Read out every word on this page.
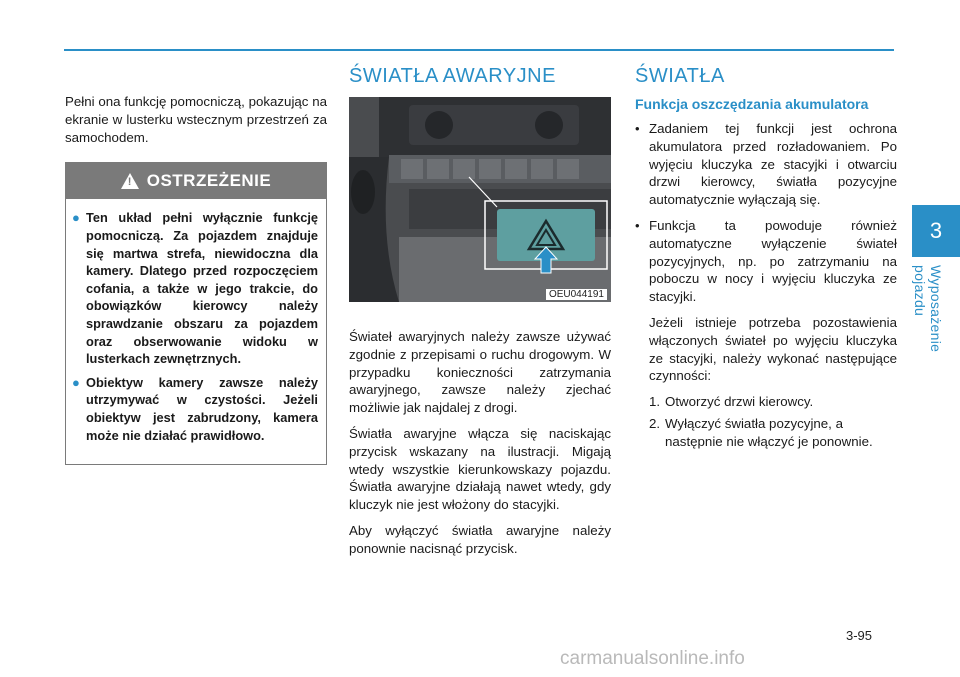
Pełni ona funkcję pomocniczą, pokazując na ekranie w lusterku wstecznym przestrzeń za samochodem.

! OSTRZEŻENIE
● Ten układ pełni wyłącznie funkcję pomocniczą. Za pojazdem znajduje się martwa strefa, niewidoczna dla kamery. Dlatego przed rozpoczęciem cofania, a także w jego trakcie, do obowiązków kierowcy należy sprawdzanie obszaru za pojazdem oraz obserwowanie widoku w lusterkach zewnętrznych.
● Obiektyw kamery zawsze należy utrzymywać w czystości. Jeżeli obiektyw jest zabrudzony, kamera może nie działać prawidłowo.
ŚWIATŁA AWARYJNE
OEU044191

Świateł awaryjnych należy zawsze używać zgodnie z przepisami o ruchu drogowym. W przypadku konieczności zatrzymania awaryjnego, zawsze należy zjechać możliwie jak najdalej z drogi.

Światła awaryjne włącza się naciskając przycisk wskazany na ilustracji. Migają wtedy wszystkie kierunkowskazy pojazdu. Światła awaryjne działają nawet wtedy, gdy kluczyk nie jest włożony do stacyjki.

Aby wyłączyć światła awaryjne należy ponownie nacisnąć przycisk.

ŚWIATŁA
Funkcja oszczędzania akumulatora
• Zadaniem tej funkcji jest ochrona akumulatora przed rozładowaniem. Po wyjęciu kluczyka ze stacyjki i otwarciu drzwi kierowcy, światła pozycyjne automatycznie wyłączają się.
• Funkcja ta powoduje również automatyczne wyłączenie świateł pozycyjnych, np. po zatrzymaniu na poboczu w nocy i wyjęciu kluczyka ze stacyjki.

Jeżeli istnieje potrzeba pozostawienia włączonych świateł po wyjęciu kluczyka ze stacyjki, należy wykonać następujące czynności:

1. Otworzyć drzwi kierowcy.
2. Wyłączyć światła pozycyjne, a następnie nie włączyć je ponownie.
3
Wyposażenie pojazdu
3-95
carmanualsonline.info
